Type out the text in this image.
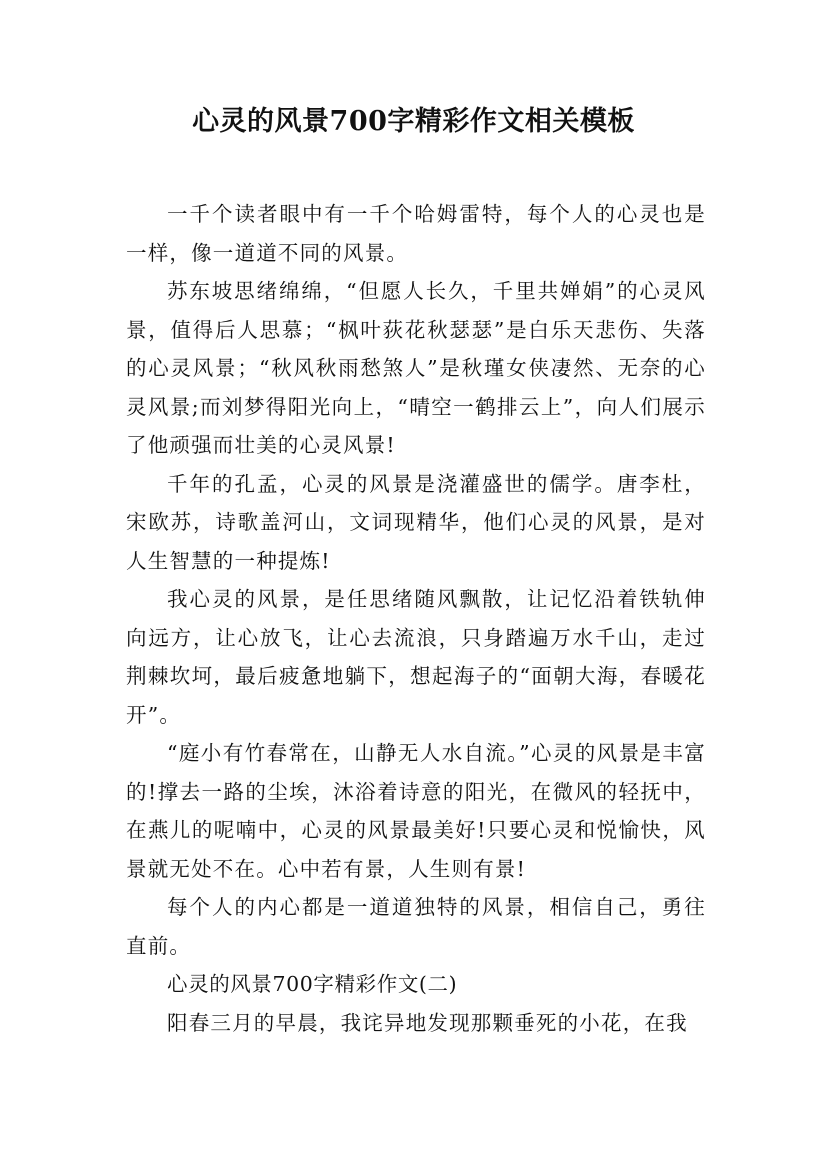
心灵的风景700字精彩作文相关模板

一千个读者眼中有一千个哈姆雷特，每个人的心灵也是一样，像一道道不同的风景。

苏东坡思绪绵绵，“但愿人长久，千里共婵娟”的心灵风景，值得后人思慕；“枫叶荻花秋瑟瑟”是白乐天悲伤、失落的心灵风景；“秋风秋雨愁煞人”是秋瑾女侠凄然、无奈的心灵风景;而刘梦得阳光向上，“晴空一鹤排云上”，向人们展示了他顽强而壮美的心灵风景!

千年的孔孟，心灵的风景是浇灌盛世的儒学。唐李杜，宋欧苏，诗歌盖河山，文词现精华，他们心灵的风景，是对人生智慧的一种提炼!

我心灵的风景，是任思绪随风飘散，让记忆沿着铁轨伸向远方，让心放飞，让心去流浪，只身踏遍万水千山，走过荆棘坎坷，最后疲惫地躺下，想起海子的“面朝大海，春暖花开”。

“庭小有竹春常在，山静无人水自流。”心灵的风景是丰富的!撑去一路的尘埃，沐浴着诗意的阳光，在微风的轻抚中，在燕儿的呢喃中，心灵的风景最美好!只要心灵和悦愉快，风景就无处不在。心中若有景，人生则有景!

每个人的内心都是一道道独特的风景，相信自己，勇往直前。

心灵的风景700字精彩作文(二)

阳春三月的早晨，我诧异地发现那颗垂死的小花，在我
